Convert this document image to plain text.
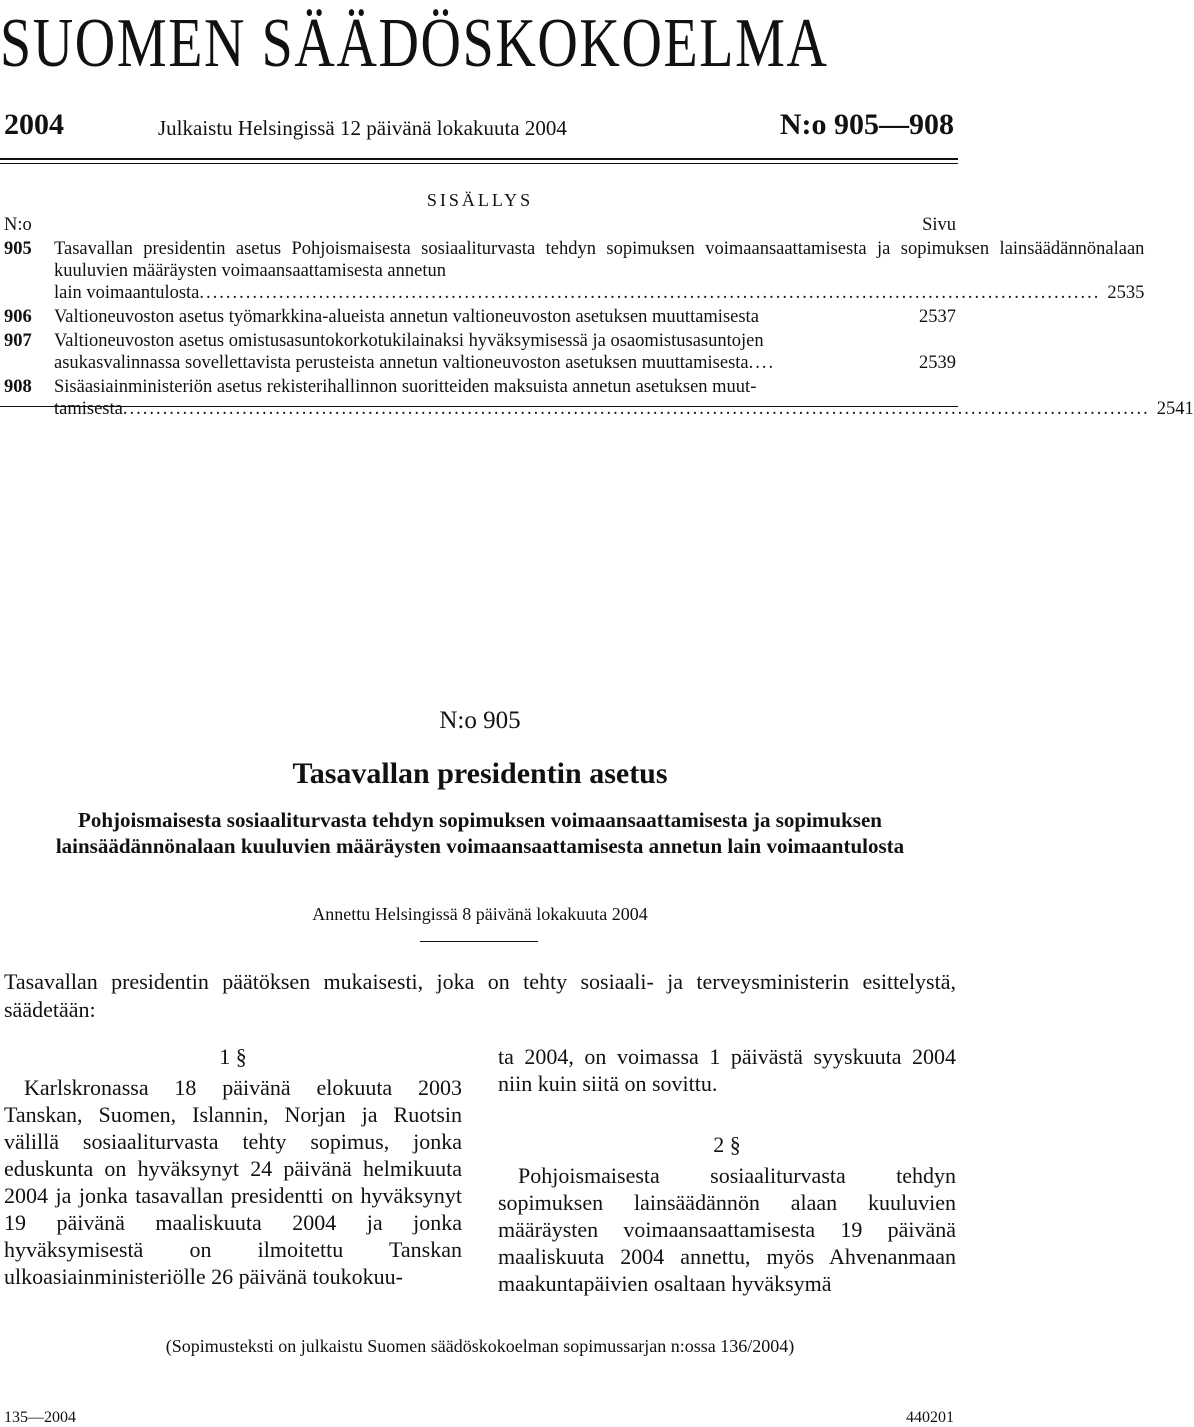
SUOMEN SÄÄDÖSKOKOELMA
2004	Julkaistu Helsingissä 12 päivänä lokakuuta 2004	N:o 905—908
SISÄLLYS
N:o	Sivu
905	Tasavallan presidentin asetus Pohjoismaisesta sosiaaliturvasta tehdyn sopimuksen voimaansaattamisesta ja sopimuksen lainsäädännönalaan kuuluvien määräysten voimaansaattamisesta annetun
lain voimaantulosta ........................................................................................................................................ 2535
906	Valtioneuvoston asetus työmarkkina-alueista annetun valtioneuvoston asetuksen muuttamisesta	2537
907	Valtioneuvoston asetus omistusasuntokorkotukilainaksi hyväksymisessä ja osaomistusasuntojen
asukasvalinnassa sovellettavista perusteista annetun valtioneuvoston asetuksen muuttamisesta ....	2539
908	Sisäasiainministeriön asetus rekisterihallinnon suoritteiden maksuista annetun asetuksen muut-
tamisesta ........................................................................................................................................................... 2541
N:o 905
Tasavallan presidentin asetus
Pohjoismaisesta sosiaaliturvasta tehdyn sopimuksen voimaansaattamisesta ja sopimuksen lainsäädännönalaan kuuluvien määräysten voimaansaattamisesta annetun lain voimaantulosta
Annettu Helsingissä 8 päivänä lokakuuta 2004
Tasavallan presidentin päätöksen mukaisesti, joka on tehty sosiaali- ja terveysministerin esittelystä, säädetään:
1 §

Karlskronassa 18 päivänä elokuuta 2003 Tanskan, Suomen, Islannin, Norjan ja Ruotsin välillä sosiaaliturvasta tehty sopimus, jonka eduskunta on hyväksynyt 24 päivänä helmikuuta 2004 ja jonka tasavallan presidentti on hyväksynyt 19 päivänä maaliskuuta 2004 ja jonka hyväksymisestä on ilmoitettu Tanskan ulkoasiainministeriölle 26 päivänä toukokuu-

ta 2004, on voimassa 1 päivästä syyskuuta 2004 niin kuin siitä on sovittu.

2 §

Pohjoismaisesta sosiaaliturvasta tehdyn sopimuksen lainsäädännön alaan kuuluvien määräysten voimaansaattamisesta 19 päivänä maaliskuuta 2004 annettu, myös Ahvenanmaan maakuntapäivien osaltaan hyväksymä

(Sopimusteksti on julkaistu Suomen säädöskokoelman sopimussarjan n:ossa 136/2004)
135—2004	440201
